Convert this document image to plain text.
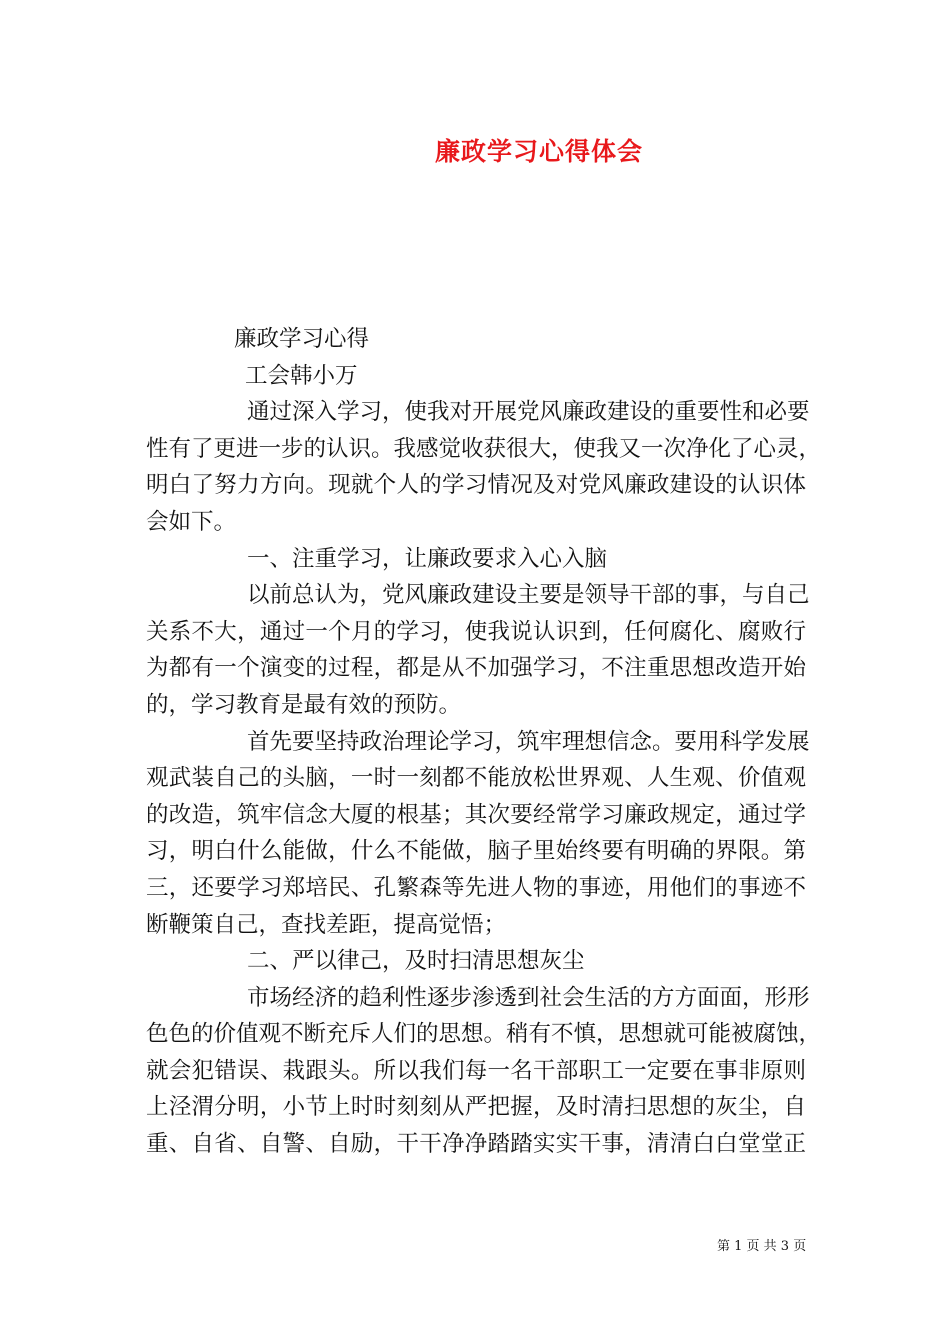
廉政学习心得体会
廉政学习心得
工会韩小万
通过深入学习，使我对开展党风廉政建设的重要性和必要
性有了更进一步的认识。我感觉收获很大，使我又一次净化了心灵，
明白了努力方向。现就个人的学习情况及对党风廉政建设的认识体
会如下。
一、注重学习，让廉政要求入心入脑
以前总认为，党风廉政建设主要是领导干部的事，与自己
关系不大，通过一个月的学习，使我说认识到，任何腐化、腐败行
为都有一个演变的过程，都是从不加强学习，不注重思想改造开始
的，学习教育是最有效的预防。
首先要坚持政治理论学习，筑牢理想信念。要用科学发展
观武装自己的头脑，一时一刻都不能放松世界观、人生观、价值观
的改造，筑牢信念大厦的根基；其次要经常学习廉政规定，通过学
习，明白什么能做，什么不能做，脑子里始终要有明确的界限。第
三，还要学习郑培民、孔繁森等先进人物的事迹，用他们的事迹不
断鞭策自己，查找差距，提高觉悟；
二、严以律己，及时扫清思想灰尘
市场经济的趋利性逐步渗透到社会生活的方方面面，形形
色色的价值观不断充斥人们的思想。稍有不慎，思想就可能被腐蚀，
就会犯错误、栽跟头。所以我们每一名干部职工一定要在事非原则
上泾渭分明，小节上时时刻刻从严把握，及时清扫思想的灰尘，自
重、自省、自警、自励，干干净净踏踏实实干事，清清白白堂堂正
第 1 页 共 3 页
